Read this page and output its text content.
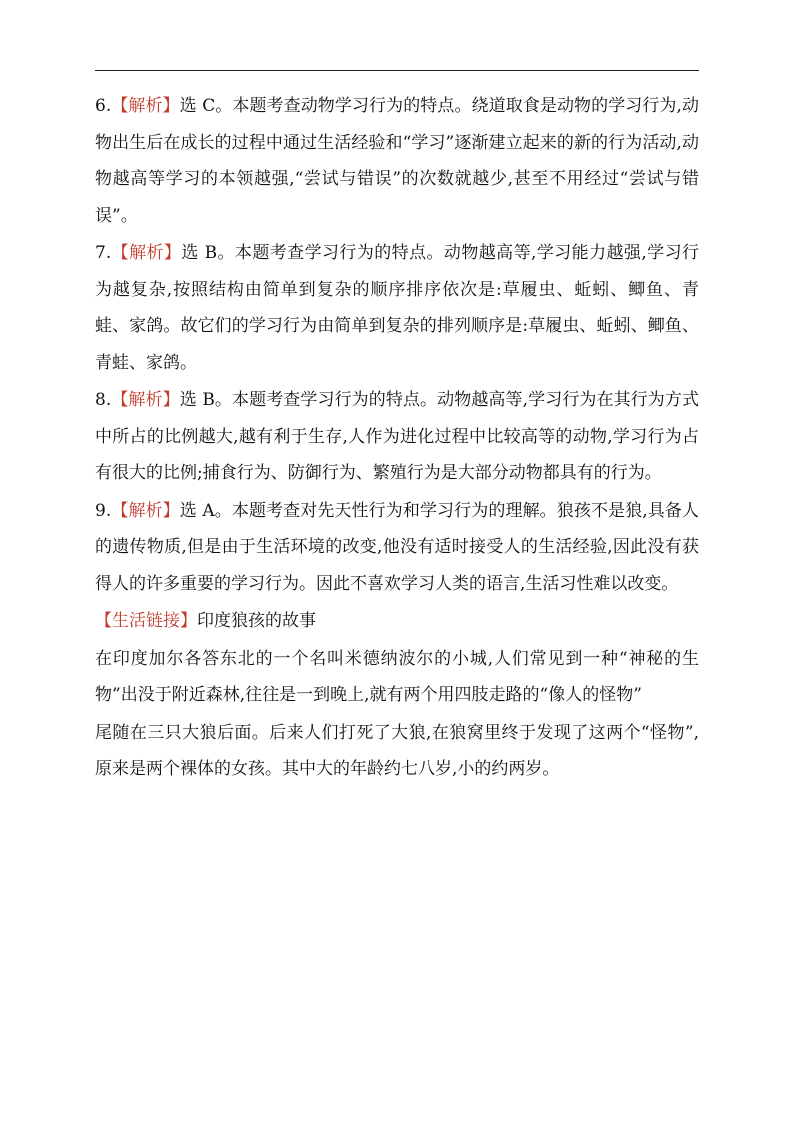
6.【解析】选 C。本题考查动物学习行为的特点。绕道取食是动物的学习行为,动物出生后在成长的过程中通过生活经验和“学习”逐渐建立起来的新的行为活动,动物越高等学习的本领越强,“尝试与错误”的次数就越少,甚至不用经过“尝试与错误”。

7.【解析】选 B。本题考查学习行为的特点。动物越高等,学习能力越强,学习行为越复杂,按照结构由简单到复杂的顺序排序依次是:草履虫、蚯蚓、鲫鱼、青蛙、家鸽。故它们的学习行为由简单到复杂的排列顺序是:草履虫、蚯蚓、鲫鱼、青蛙、家鸽。

8.【解析】选 B。本题考查学习行为的特点。动物越高等,学习行为在其行为方式中所占的比例越大,越有利于生存,人作为进化过程中比较高等的动物,学习行为占有很大的比例;捕食行为、防御行为、繁殖行为是大部分动物都具有的行为。

9.【解析】选 A。本题考查对先天性行为和学习行为的理解。狼孩不是狼,具备人的遗传物质,但是由于生活环境的改变,他没有适时接受人的生活经验,因此没有获得人的许多重要的学习行为。因此不喜欢学习人类的语言,生活习性难以改变。

【生活链接】印度狼孩的故事

在印度加尔各答东北的一个名叫米德纳波尔的小城,人们常见到一种“神秘的生物”出没于附近森林,往往是一到晚上,就有两个用四肢走路的“像人的怪物”

尾随在三只大狼后面。后来人们打死了大狼,在狼窝里终于发现了这两个“怪物”,原来是两个裸体的女孩。其中大的年龄约七八岁,小的约两岁。
